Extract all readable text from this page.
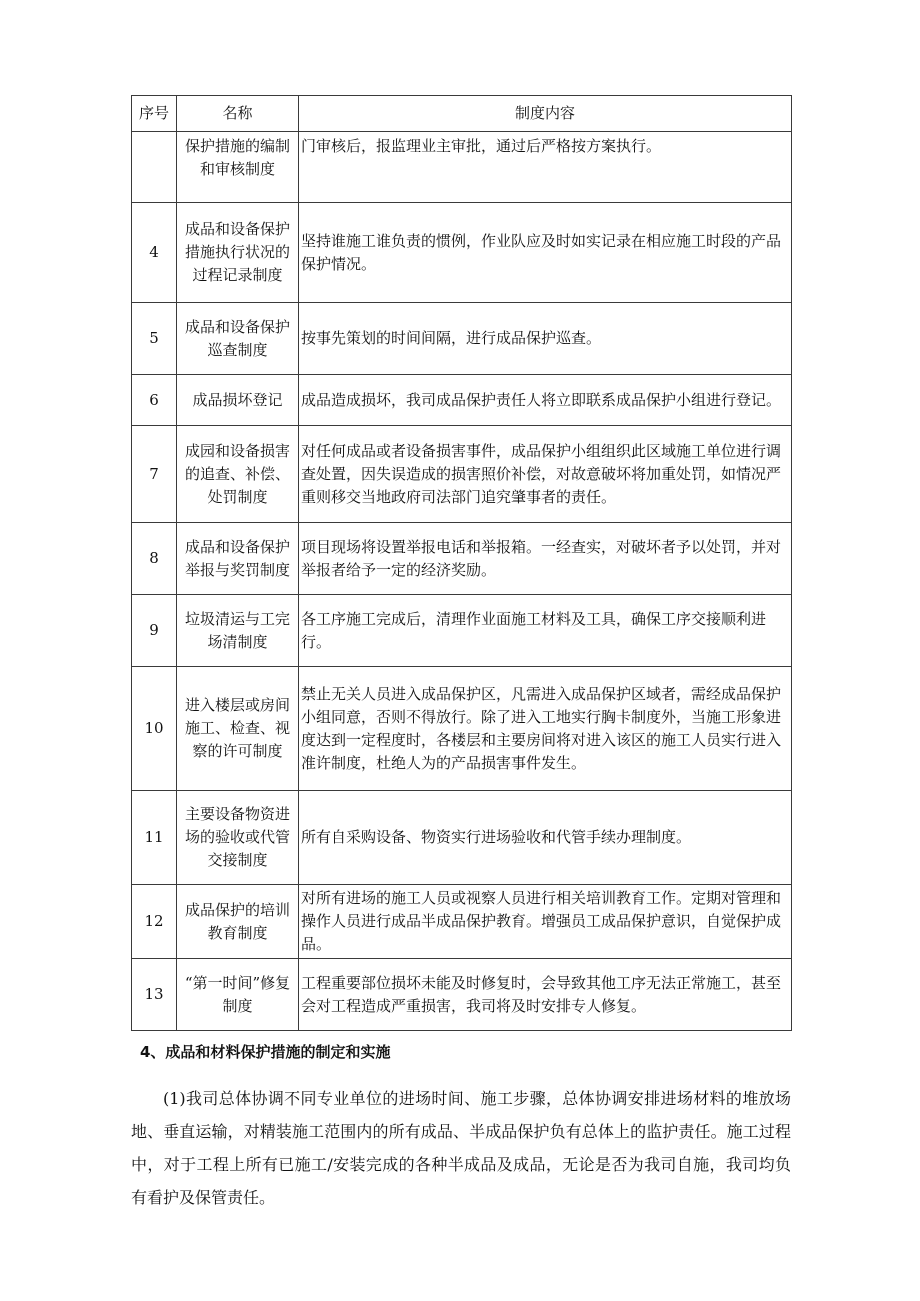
序号	名称	制度内容
	保护措施的编制和审核制度	门审核后，报监理业主审批，通过后严格按方案执行。
4	成品和设备保护措施执行状况的过程记录制度	坚持谁施工谁负责的惯例，作业队应及时如实记录在相应施工时段的产品保护情况。
5	成品和设备保护巡查制度	按事先策划的时间间隔，进行成品保护巡查。
6	成品损坏登记	成品造成损坏，我司成品保护责任人将立即联系成品保护小组进行登记。
7	成园和设备损害的追查、补偿、处罚制度	对任何成品或者设备损害事件，成品保护小组组织此区域施工单位进行调查处置，因失误造成的损害照价补偿，对故意破坏将加重处罚，如情况严重则移交当地政府司法部门追究肇事者的责任。
8	成品和设备保护举报与奖罚制度	项目现场将设置举报电话和举报箱。一经查实，对破坏者予以处罚，并对举报者给予一定的经济奖励。
9	垃圾清运与工完场清制度	各工序施工完成后，清理作业面施工材料及工具，确保工序交接顺利进行。
10	进入楼层或房间施工、检查、视察的许可制度	禁止无关人员进入成品保护区，凡需进入成品保护区域者，需经成品保护小组同意，否则不得放行。除了进入工地实行胸卡制度外，当施工形象进度达到一定程度时，各楼层和主要房间将对进入该区的施工人员实行进入准许制度，杜绝人为的产品损害事件发生。
11	主要设备物资进场的验收或代管交接制度	所有自采购设备、物资实行进场验收和代管手续办理制度。
12	成品保护的培训教育制度	对所有进场的施工人员或视察人员进行相关培训教育工作。定期对管理和操作人员进行成品半成品保护教育。增强员工成品保护意识，自觉保护成品。
13	“第一时间”修复制度	工程重要部位损坏未能及时修复时，会导致其他工序无法正常施工，甚至会对工程造成严重损害，我司将及时安排专人修复。
4、成品和材料保护措施的制定和实施
(1)我司总体协调不同专业单位的进场时间、施工步骤，总体协调安排进场材料的堆放场地、垂直运输，对精装施工范围内的所有成品、半成品保护负有总体上的监护责任。施工过程中，对于工程上所有已施工/安装完成的各种半成品及成品，无论是否为我司自施，我司均负有看护及保管责任。
